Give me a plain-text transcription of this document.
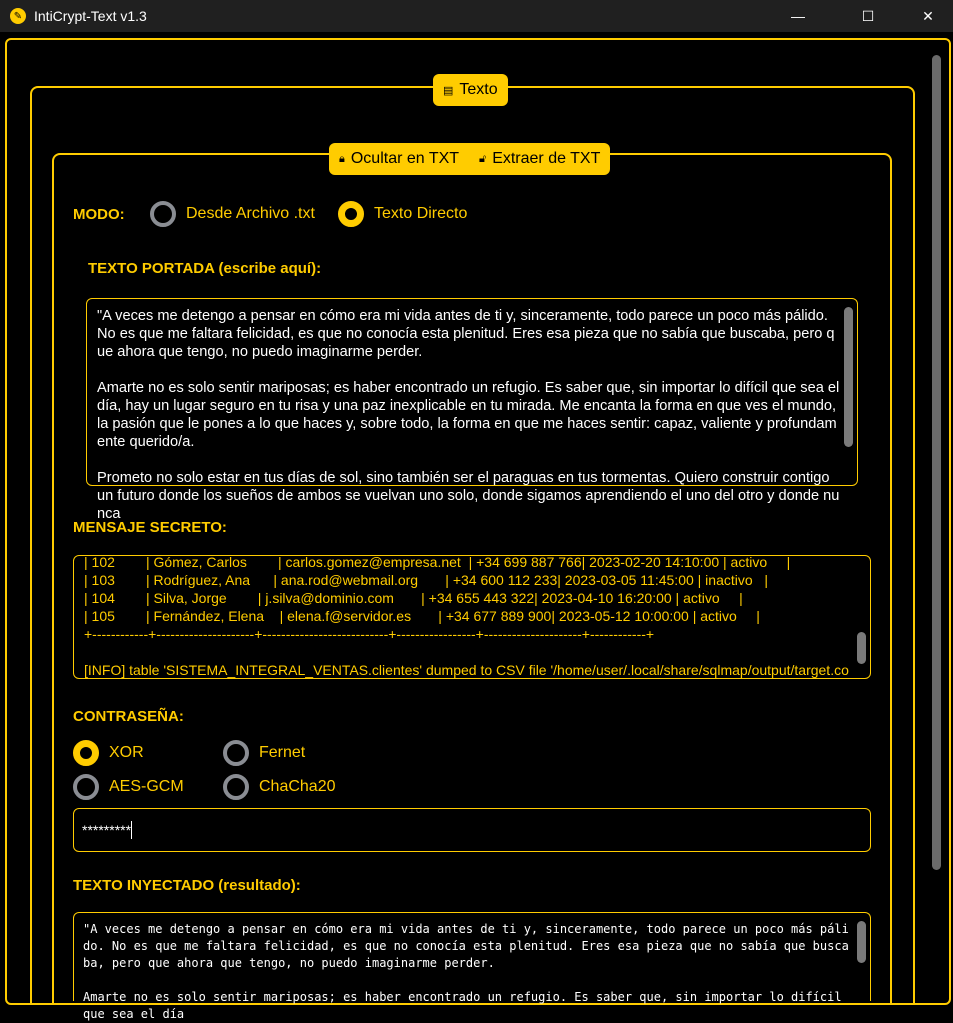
✎ IntiCrypt-Text v1.3	—	☐	✕
▤ Texto
🔒︎ Ocultar en TXT 🔓︎ Extraer de TXT
MODO:	Desde Archivo .txt	Texto Directo
TEXTO PORTADA (escribe aquí):
"A veces me detengo a pensar en cómo era mi vida antes de ti y, sinceramente, todo parece un poco más pálido. No es que me faltara felicidad, es que no conocía esta plenitud. Eres esa pieza que no sabía que buscaba, pero que ahora que tengo, no puedo imaginarme perder.

Amarte no es solo sentir mariposas; es haber encontrado un refugio. Es saber que, sin importar lo difícil que sea el día, hay un lugar seguro en tu risa y una paz inexplicable en tu mirada. Me encanta la forma en que ves el mundo, la pasión que le pones a lo que haces y, sobre todo, la forma en que me haces sentir: capaz, valiente y profundamente querido/a.

Prometo no solo estar en tus días de sol, sino también ser el paraguas en tus tormentas. Quiero construir contigo un futuro donde los sueños de ambos se vuelvan uno solo, donde sigamos aprendiendo el uno del otro y donde nunca
MENSAJE SECRETO:
| 102        | Gómez, Carlos        | carlos.gomez@empresa.net  | +34 699 887 766| 2023-02-20 14:10:00 | activo     |
| 103        | Rodríguez, Ana      | ana.rod@webmail.org       | +34 600 112 233| 2023-03-05 11:45:00 | inactivo   |
| 104        | Silva, Jorge        | j.silva@dominio.com       | +34 655 443 322| 2023-04-10 16:20:00 | activo     |
| 105        | Fernández, Elena    | elena.f@servidor.es       | +34 677 889 900| 2023-05-12 10:00:00 | activo     |
+------------+---------------------+---------------------------+-----------------+---------------------+------------+
[INFO] table 'SISTEMA_INTEGRAL_VENTAS.clientes' dumped to CSV file '/home/user/.local/share/sqlmap/output/target.co
CONTRASEÑA:
XOR	Fernet
AES-GCM	ChaCha20
*********
TEXTO INYECTADO (resultado):
"A veces me detengo a pensar en cómo era mi vida antes de ti y, sinceramente, todo parece un poco más pálido. No es que me faltara felicidad, es que no conocía esta plenitud. Eres esa pieza que no sabía que buscaba, pero que ahora que tengo, no puedo imaginarme perder.

Amarte no es solo sentir mariposas; es haber encontrado un refugio. Es saber que, sin importar lo difícil que sea el día
